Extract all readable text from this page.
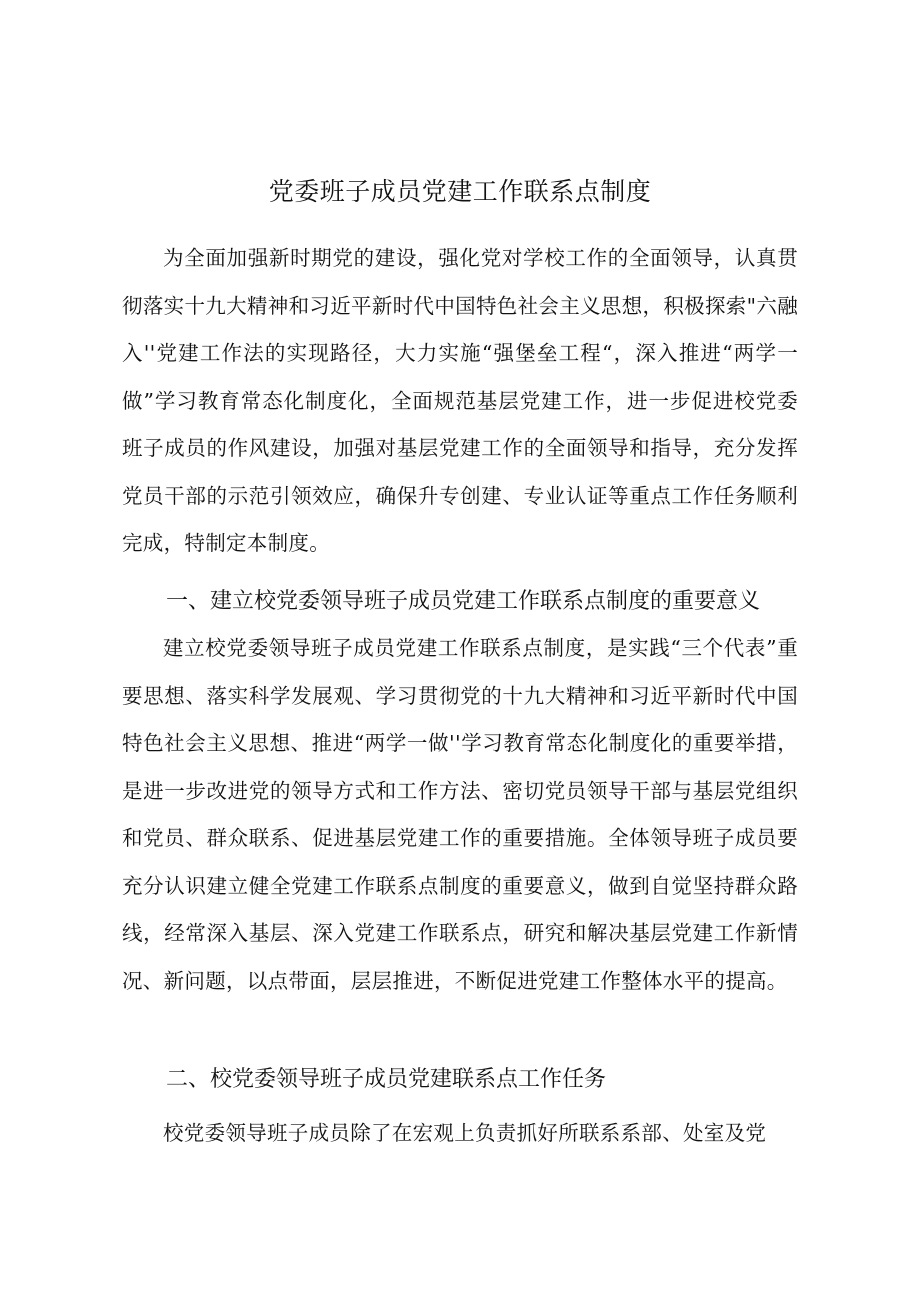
党委班子成员党建工作联系点制度

为全面加强新时期党的建设，强化党对学校工作的全面领导，认真贯彻落实十九大精神和习近平新时代中国特色社会主义思想，积极探索"六融入''党建工作法的实现路径，大力实施“强堡垒工程“，深入推进“两学一做”学习教育常态化制度化，全面规范基层党建工作，进一步促进校党委班子成员的作风建设，加强对基层党建工作的全面领导和指导，充分发挥党员干部的示范引领效应，确保升专创建、专业认证等重点工作任务顺利完成，特制定本制度。

一、建立校党委领导班子成员党建工作联系点制度的重要意义

建立校党委领导班子成员党建工作联系点制度，是实践“三个代表”重要思想、落实科学发展观、学习贯彻党的十九大精神和习近平新时代中国特色社会主义思想、推进“两学一做''学习教育常态化制度化的重要举措，是进一步改进党的领导方式和工作方法、密切党员领导干部与基层党组织和党员、群众联系、促进基层党建工作的重要措施。全体领导班子成员要充分认识建立健全党建工作联系点制度的重要意义，做到自觉坚持群众路线，经常深入基层、深入党建工作联系点，研究和解决基层党建工作新情况、新问题，以点带面，层层推进，不断促进党建工作整体水平的提高。

二、校党委领导班子成员党建联系点工作任务

校党委领导班子成员除了在宏观上负责抓好所联系系部、处室及党
